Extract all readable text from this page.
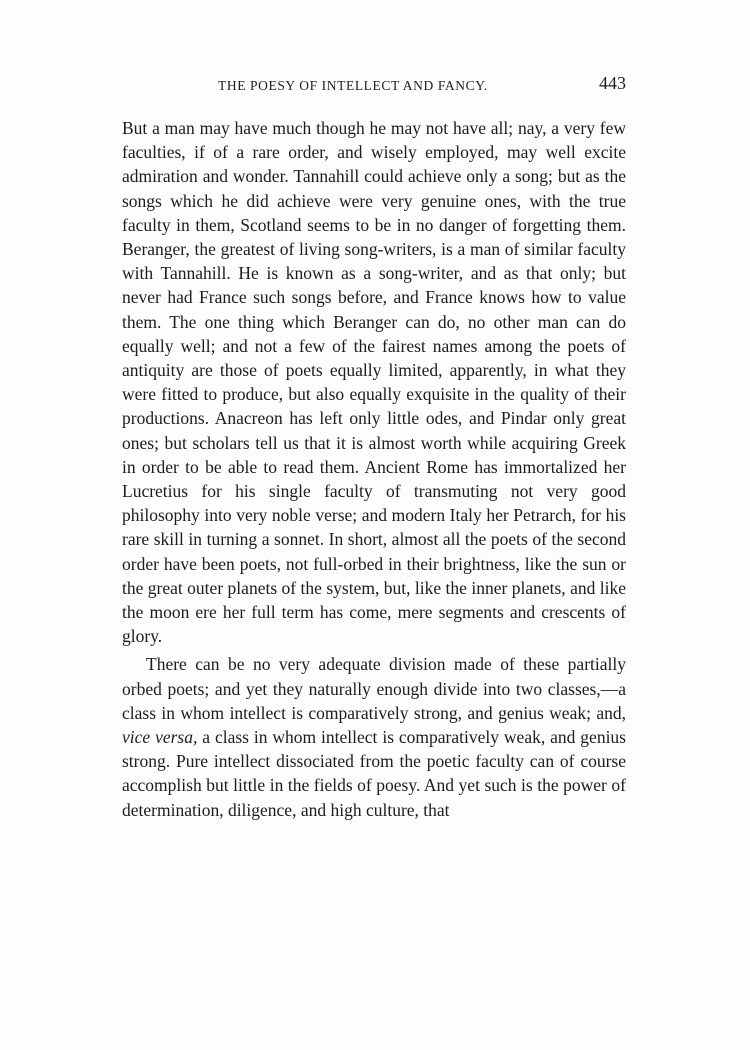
THE POESY OF INTELLECT AND FANCY.	443

But a man may have much though he may not have all; nay, a very few faculties, if of a rare order, and wisely employed, may well excite admiration and wonder. Tannahill could achieve only a song; but as the songs which he did achieve were very genuine ones, with the true faculty in them, Scotland seems to be in no danger of forgetting them. Beranger, the greatest of living song-writers, is a man of similar faculty with Tannahill. He is known as a song-writer, and as that only; but never had France such songs before, and France knows how to value them. The one thing which Beranger can do, no other man can do equally well; and not a few of the fairest names among the poets of antiquity are those of poets equally limited, apparently, in what they were fitted to produce, but also equally exquisite in the quality of their productions. Anacreon has left only little odes, and Pindar only great ones; but scholars tell us that it is almost worth while acquiring Greek in order to be able to read them. Ancient Rome has immortalized her Lucretius for his single faculty of transmuting not very good philosophy into very noble verse; and modern Italy her Petrarch, for his rare skill in turning a sonnet. In short, almost all the poets of the second order have been poets, not full-orbed in their brightness, like the sun or the great outer planets of the system, but, like the inner planets, and like the moon ere her full term has come, mere segments and crescents of glory.

There can be no very adequate division made of these partially orbed poets; and yet they naturally enough divide into two classes,—a class in whom intellect is comparatively strong, and genius weak; and, vice versa, a class in whom intellect is comparatively weak, and genius strong. Pure intellect dissociated from the poetic faculty can of course accomplish but little in the fields of poesy. And yet such is the power of determination, diligence, and high culture, that
